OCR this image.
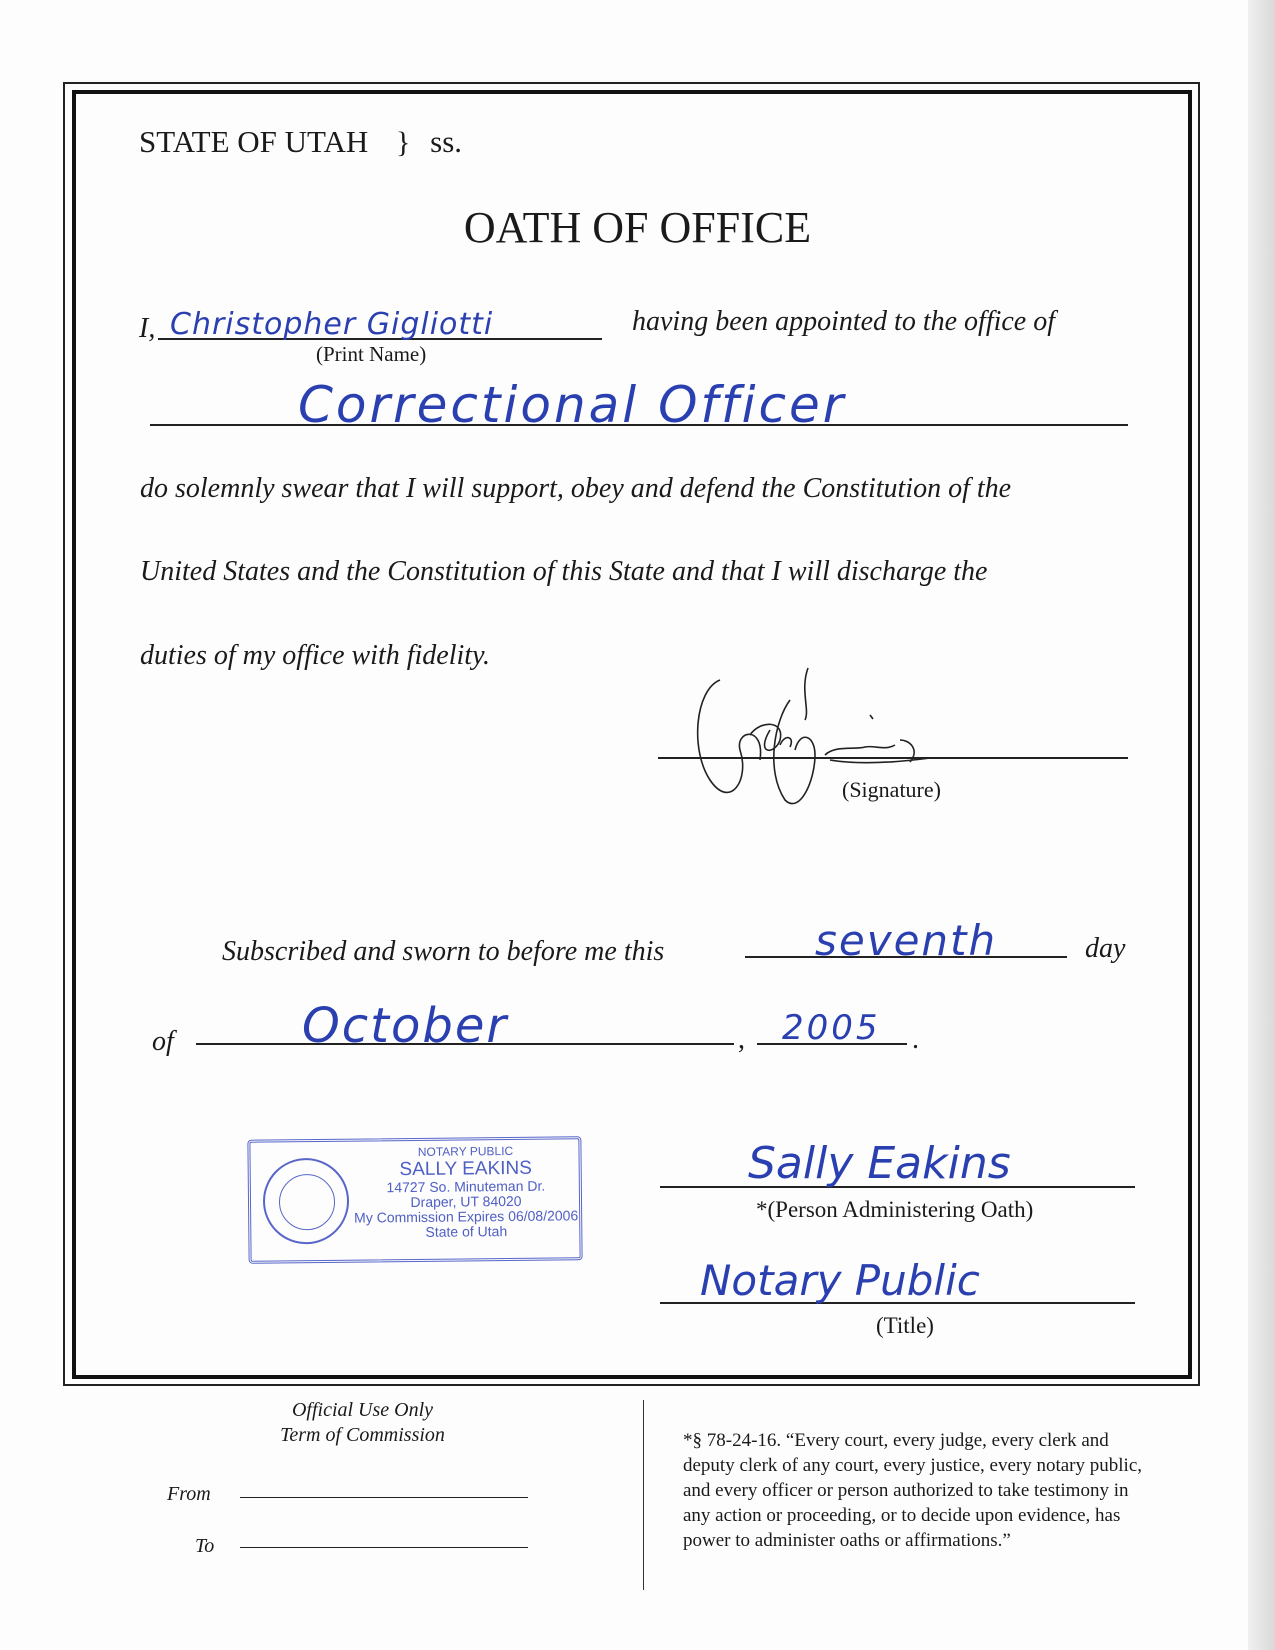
STATE OF UTAH } ss.
OATH OF OFFICE
I, Christopher Gigliotti
(Print Name)
having been appointed to the office of
Correctional Officer
do solemnly swear that I will support, obey and defend the Constitution of the
United States and the Constitution of this State and that I will discharge the
duties of my office with fidelity.
(Signature)
Subscribed and sworn to before me this	seventh	day
of	October	, 2005 .
NOTARY PUBLIC
SALLY EAKINS
14727 So. Minuteman Dr.
Draper, UT 84020
My Commission Expires 06/08/2006
State of Utah
Sally Eakins
*(Person Administering Oath)
Notary Public
(Title)
Official Use Only
Term of Commission
From
To
*§ 78-24-16. “Every court, every judge, every clerk and
deputy clerk of any court, every justice, every notary public,
and every officer or person authorized to take testimony in
any action or proceeding, or to decide upon evidence, has
power to administer oaths or affirmations.”
